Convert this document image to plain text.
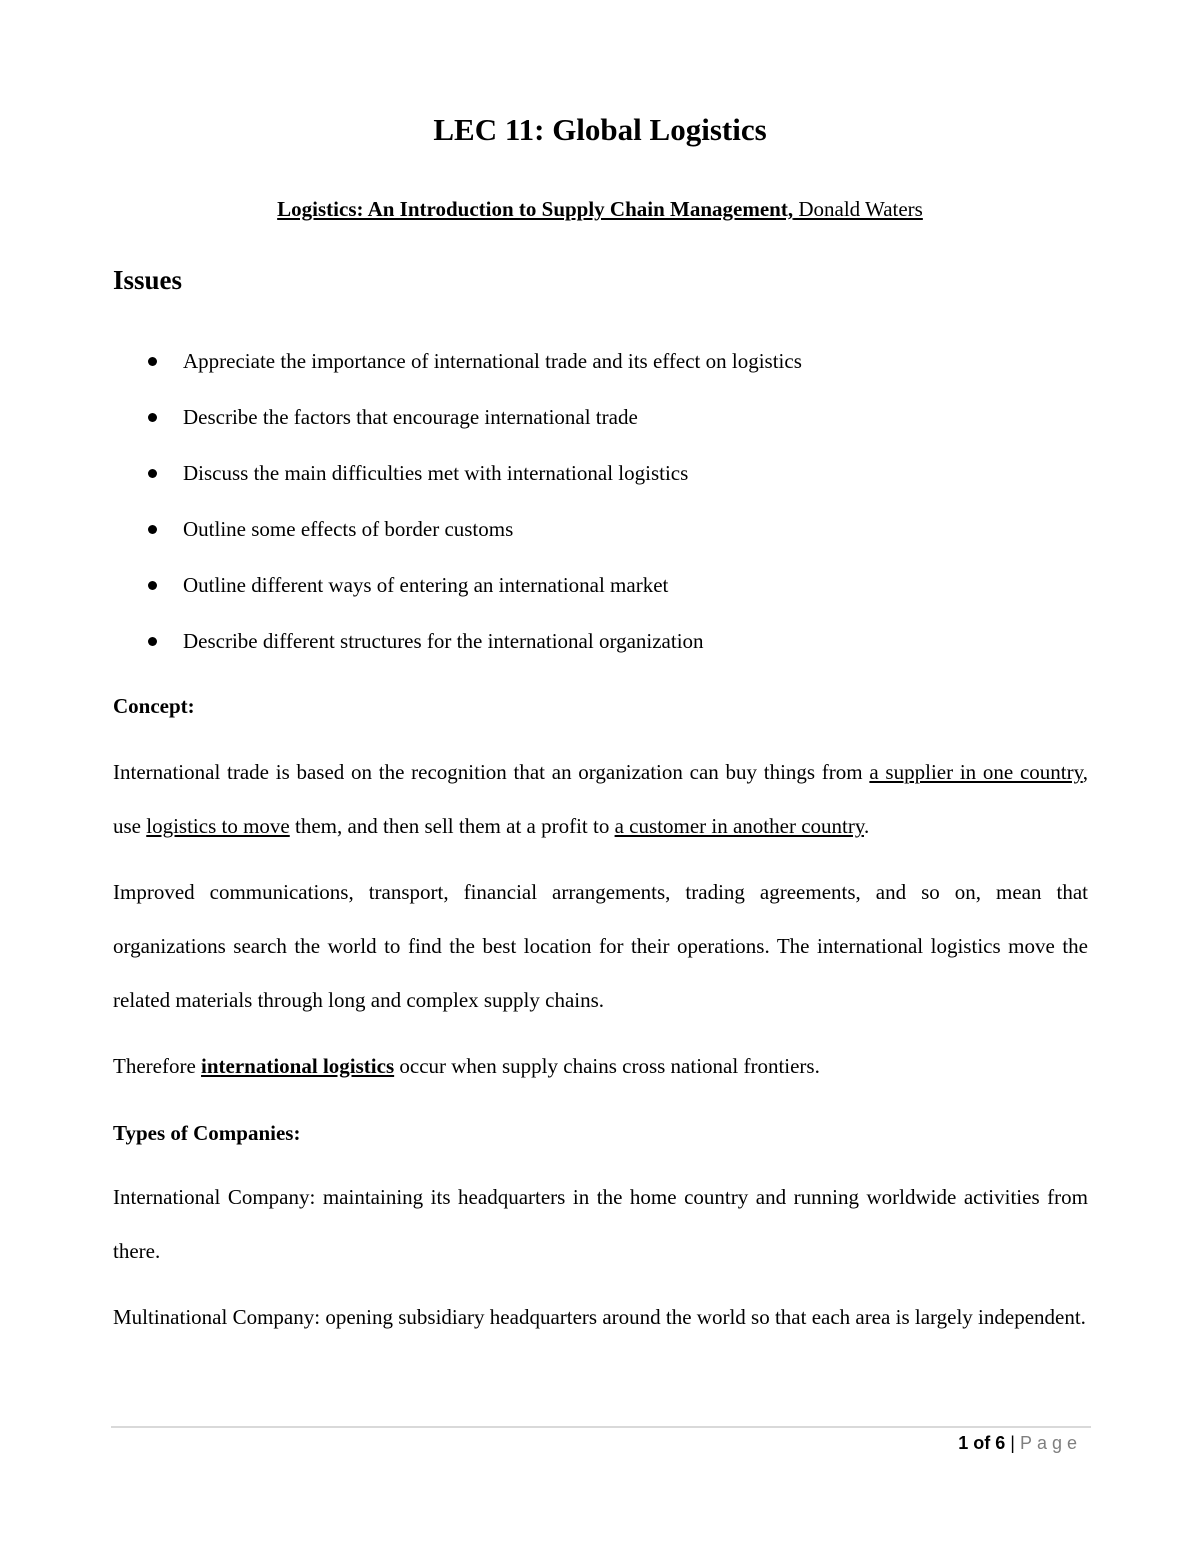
LEC 11: Global Logistics
Logistics: An Introduction to Supply Chain Management, Donald Waters
Issues
Appreciate the importance of international trade and its effect on logistics
Describe the factors that encourage international trade
Discuss the main difficulties met with international logistics
Outline some effects of border customs
Outline different ways of entering an international market
Describe different structures for the international organization
Concept:

International trade is based on the recognition that an organization can buy things from a supplier in one country, use logistics to move them, and then sell them at a profit to a customer in another country.

Improved communications, transport, financial arrangements, trading agreements, and so on, mean that organizations search the world to find the best location for their operations. The international logistics move the related materials through long and complex supply chains.

Therefore international logistics occur when supply chains cross national frontiers.

Types of Companies:

International Company: maintaining its headquarters in the home country and running worldwide activities from there.

Multinational Company: opening subsidiary headquarters around the world so that each area is largely independent.

1 of 6 | Page
